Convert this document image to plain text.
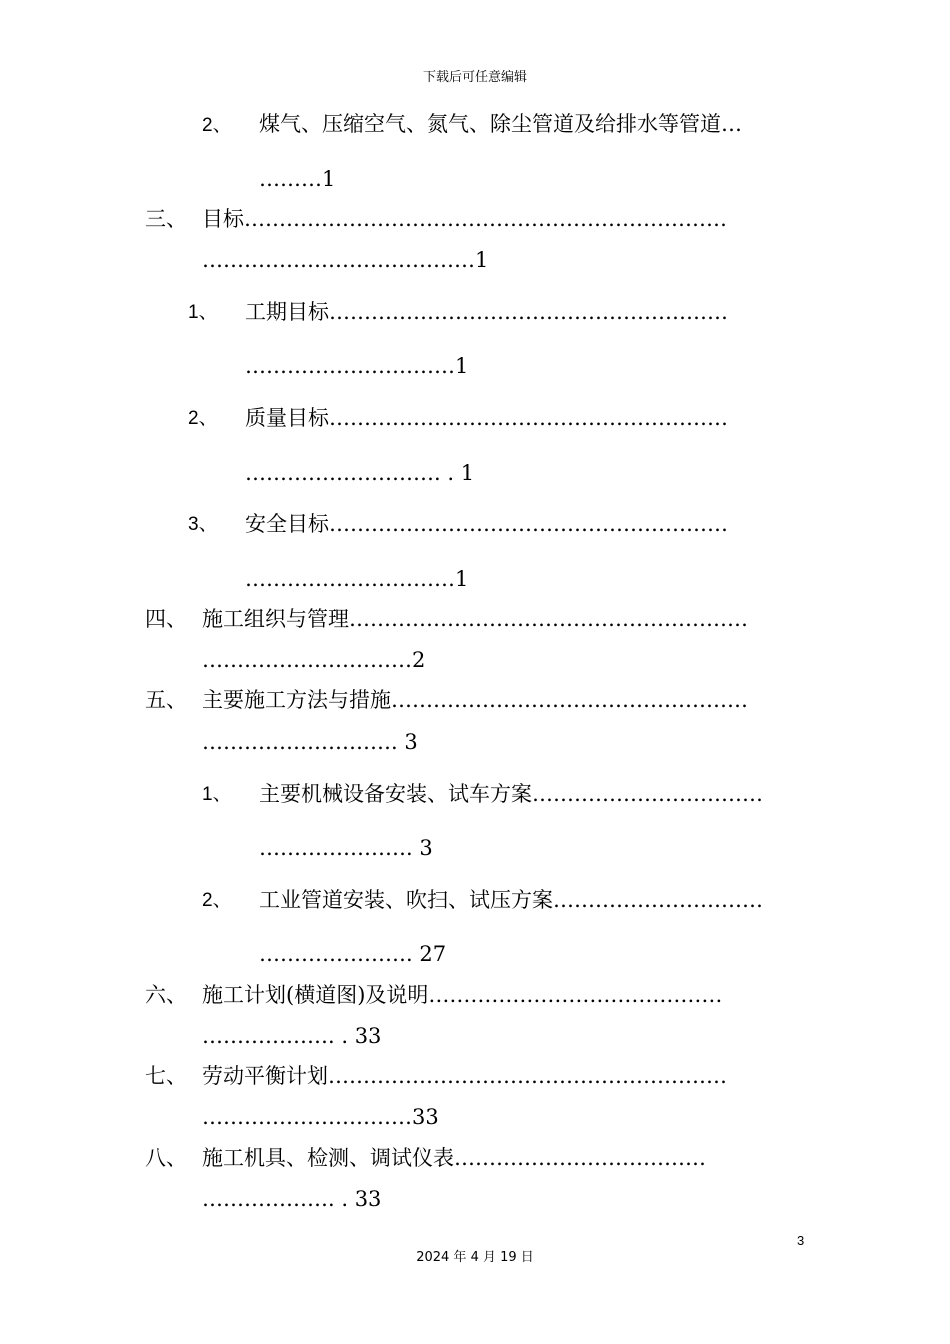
下载后可任意编辑
2、 煤气、压缩空气、氮气、除尘管道及给排水等管道…
………1
三、 目标……………………………………………………………
…………………………………1
1、 工期目标…………………………………………………
…………………………1
2、 质量目标…………………………………………………
………………………. . 1
3、 安全目标…………………………………………………
…………………………1
四、 施工组织与管理…………………………………………………
…………………………2
五、 主要施工方法与措施……………………………………………
………………………. 3
1、 主要机械设备安装、试车方案……………………………
…………………. 3
2、 工业管道安装、吹扫、试压方案…………………………
…………………. 27
六、 施工计划(横道图)及说明……………………………………
………………. . 33
七、 劳动平衡计划…………………………………………………
…………………………33
八、 施工机具、检测、调试仪表………………………………
………………. . 33
3
2024 年 4 月 19 日
